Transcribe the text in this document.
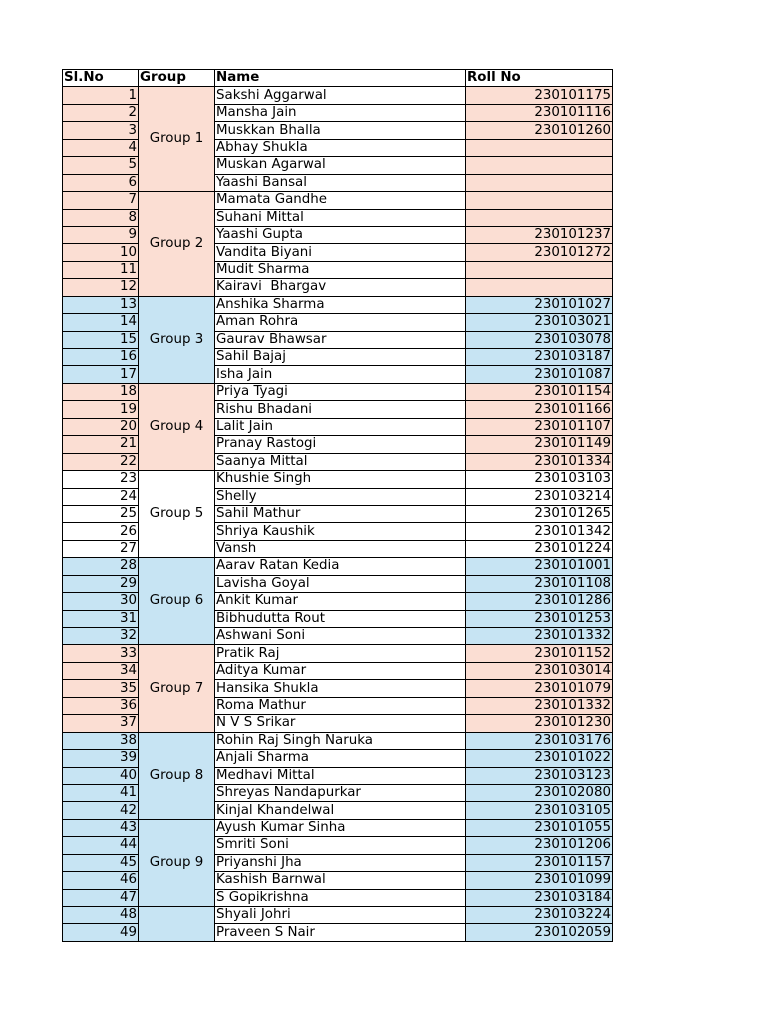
Sl.No	Group	Name	Roll No
1	Group 1	Sakshi Aggarwal	230101175
2		Mansha Jain	230101116
3		Muskkan Bhalla	230101260
4		Abhay Shukla	
5		Muskan Agarwal	
6		Yaashi Bansal	
7	Group 2	Mamata Gandhe	
8		Suhani Mittal	
9		Yaashi Gupta	230101237
10		Vandita Biyani	230101272
11		Mudit Sharma	
12		Kairavi  Bhargav	
13	Group 3	Anshika Sharma	230101027
14		Aman Rohra	230103021
15		Gaurav Bhawsar	230103078
16		Sahil Bajaj	230103187
17		Isha Jain	230101087
18	Group 4	Priya Tyagi	230101154
19		Rishu Bhadani	230101166
20		Lalit Jain	230101107
21		Pranay Rastogi	230101149
22		Saanya Mittal	230101334
23	Group 5	Khushie Singh	230103103
24		Shelly	230103214
25		Sahil Mathur	230101265
26		Shriya Kaushik	230101342
27		Vansh	230101224
28	Group 6	Aarav Ratan Kedia	230101001
29		Lavisha Goyal	230101108
30		Ankit Kumar	230101286
31		Bibhudutta Rout	230101253
32		Ashwani Soni	230101332
33	Group 7	Pratik Raj	230101152
34		Aditya Kumar	230103014
35		Hansika Shukla	230101079
36		Roma Mathur	230101332
37		N V S Srikar	230101230
38	Group 8	Rohin Raj Singh Naruka	230103176
39		Anjali Sharma	230101022
40		Medhavi Mittal	230103123
41		Shreyas Nandapurkar	230102080
42		Kinjal Khandelwal	230103105
43	Group 9	Ayush Kumar Sinha	230101055
44		Smriti Soni	230101206
45		Priyanshi Jha	230101157
46		Kashish Barnwal	230101099
47		S Gopikrishna	230103184
48		Shyali Johri	230103224
49		Praveen S Nair	230102059
